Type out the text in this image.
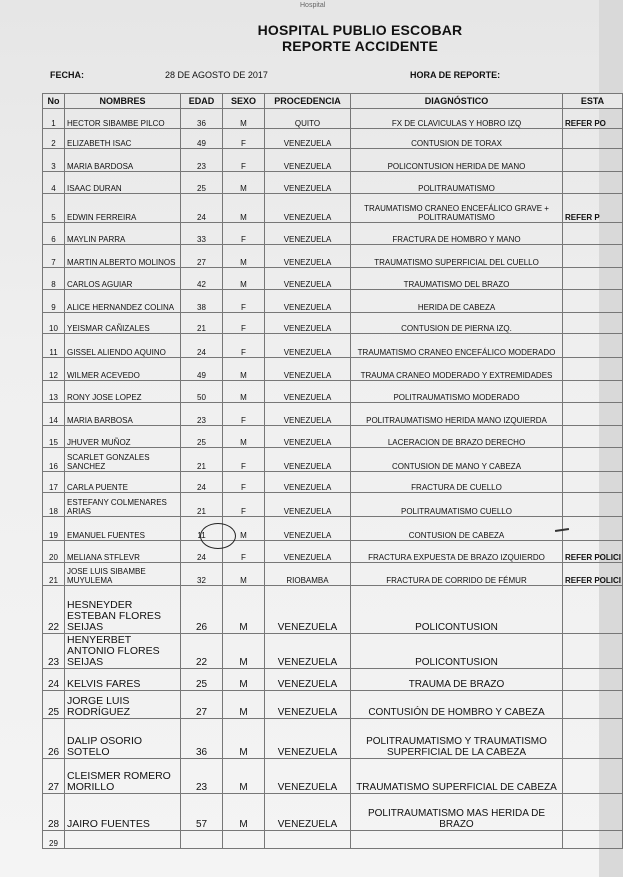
Hospital
HOSPITAL PUBLIO ESCOBAR
REPORTE ACCIDENTE
FECHA:	28 DE AGOSTO DE 2017	HORA DE REPORTE:
No	NOMBRES	EDAD	SEXO	PROCEDENCIA	DIAGNÓSTICO	ESTA
1	HECTOR SIBAMBE PILCO	36	M	QUITO	FX DE CLAVICULAS Y HOBRO IZQ	REFER PO
2	ELIZABETH ISAC	49	F	VENEZUELA	CONTUSION DE TORAX	
3	MARIA BARDOSA	23	F	VENEZUELA	POLICONTUSION HERIDA DE MANO	
4	ISAAC DURAN	25	M	VENEZUELA	POLITRAUMATISMO	
5	EDWIN FERREIRA	24	M	VENEZUELA	TRAUMATISMO CRANEO ENCEFÁLICO GRAVE + POLITRAUMATISMO	REFER P
6	MAYLIN PARRA	33	F	VENEZUELA	FRACTURA DE HOMBRO Y MANO	
7	MARTIN ALBERTO MOLINOS	27	M	VENEZUELA	TRAUMATISMO SUPERFICIAL DEL CUELLO	
8	CARLOS AGUIAR	42	M	VENEZUELA	TRAUMATISMO DEL BRAZO	
9	ALICE HERNANDEZ COLINA	38	F	VENEZUELA	HERIDA DE CABEZA	
10	YEISMAR CAÑIZALES	21	F	VENEZUELA	CONTUSION DE PIERNA IZQ.	
11	GISSEL ALIENDO AQUINO	24	F	VENEZUELA	TRAUMATISMO CRANEO ENCEFÁLICO MODERADO	
12	WILMER ACEVEDO	49	M	VENEZUELA	TRAUMA CRANEO MODERADO Y EXTREMIDADES	
13	RONY JOSE LOPEZ	50	M	VENEZUELA	POLITRAUMATISMO MODERADO	
14	MARIA BARBOSA	23	F	VENEZUELA	POLITRAUMATISMO HERIDA MANO IZQUIERDA	
15	JHUVER MUÑOZ	25	M	VENEZUELA	LACERACION DE BRAZO DERECHO	
16	SCARLET GONZALES SANCHEZ	21	F	VENEZUELA	CONTUSION DE MANO Y CABEZA	
17	CARLA PUENTE	24	F	VENEZUELA	FRACTURA DE CUELLO	
18	ESTEFANY COLMENARES ARIAS	21	F	VENEZUELA	POLITRAUMATISMO CUELLO	
19	EMANUEL FUENTES	11	M	VENEZUELA	CONTUSION DE CABEZA	
20	MELIANA STFLEVR	24	F	VENEZUELA	FRACTURA EXPUESTA DE BRAZO IZQUIERDO	REFER POLICI
21	JOSE LUIS SIBAMBE MUYULEMA	32	M	RIOBAMBA	FRACTURA DE CORRIDO DE FÉMUR	REFER POLICI
22	HESNEYDER ESTEBAN FLORES SEIJAS	26	M	VENEZUELA	POLICONTUSION	
23	HENYERBET ANTONIO FLORES SEIJAS	22	M	VENEZUELA	POLICONTUSION	
24	KELVIS FARES	25	M	VENEZUELA	TRAUMA DE BRAZO	
25	JORGE LUIS RODRÍGUEZ	27	M	VENEZUELA	CONTUSIÓN DE HOMBRO Y CABEZA	
26	DALIP OSORIO SOTELO	36	M	VENEZUELA	POLITRAUMATISMO Y TRAUMATISMO SUPERFICIAL DE LA CABEZA	
27	CLEISMER ROMERO MORILLO	23	M	VENEZUELA	TRAUMATISMO SUPERFICIAL DE CABEZA	
28	JAIRO FUENTES	57	M	VENEZUELA	POLITRAUMATISMO MAS HERIDA DE BRAZO	
29						
